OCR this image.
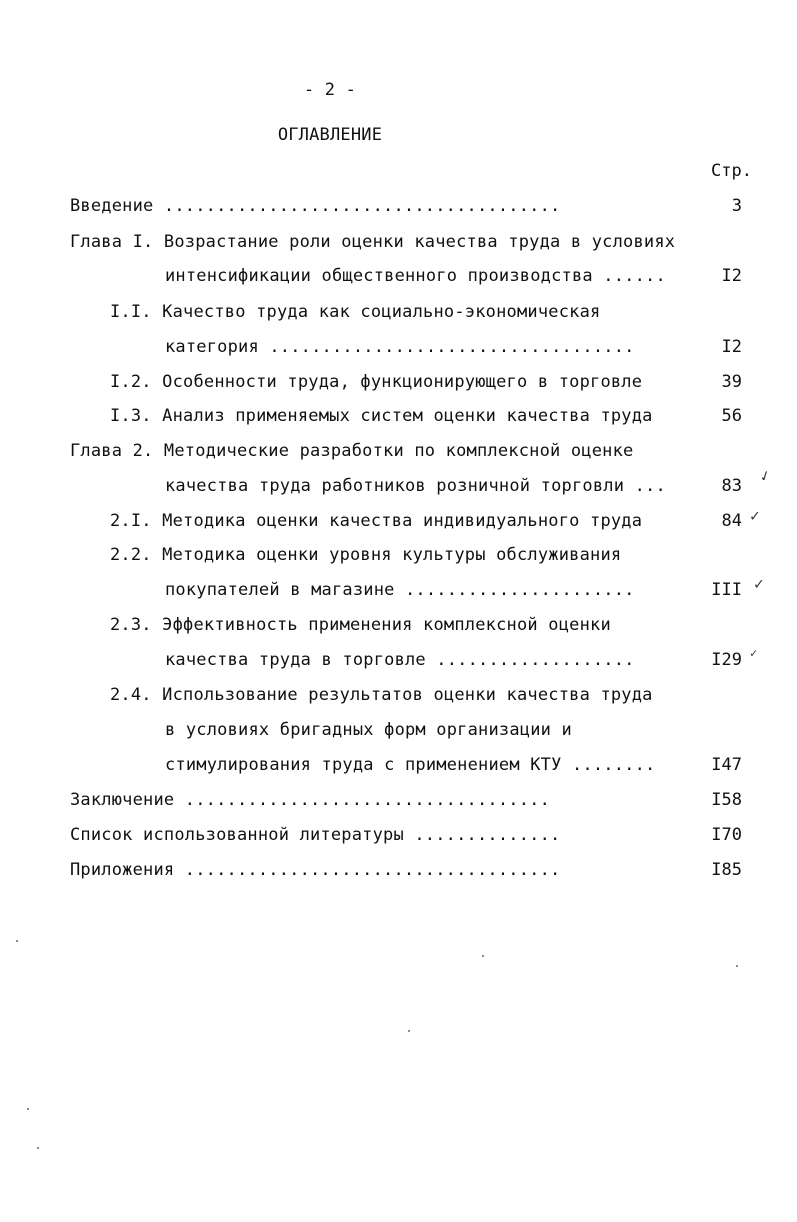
- 2 -
ОГЛАВЛЕНИЕ
Стр.
Введение ......................................	3
Глава I. Возрастание роли оценки качества труда в условиях
интенсификации общественного производства ......	I2
I.I. Качество труда как социально-экономическая
категория ...................................	I2
I.2. Особенности труда, функционирующего в торговле	39
I.3. Анализ применяемых систем оценки качества труда	56
Глава 2. Методические разработки по комплексной оценке
качества труда работников розничной торговли ...	83 ✓
2.I. Методика оценки качества индивидуального труда	84 ✓
2.2. Методика оценки уровня культуры обслуживания
покупателей в магазине ......................	III ✓
2.3. Эффективность применения комплексной оценки
качества труда в торговле ...................	I29 ✓
2.4. Использование результатов оценки качества труда
в условиях бригадных форм организации и
стимулирования труда с применением КТУ ........	I47
Заключение ...................................	I58
Список использованной литературы ..............	I70
Приложения ....................................	I85
